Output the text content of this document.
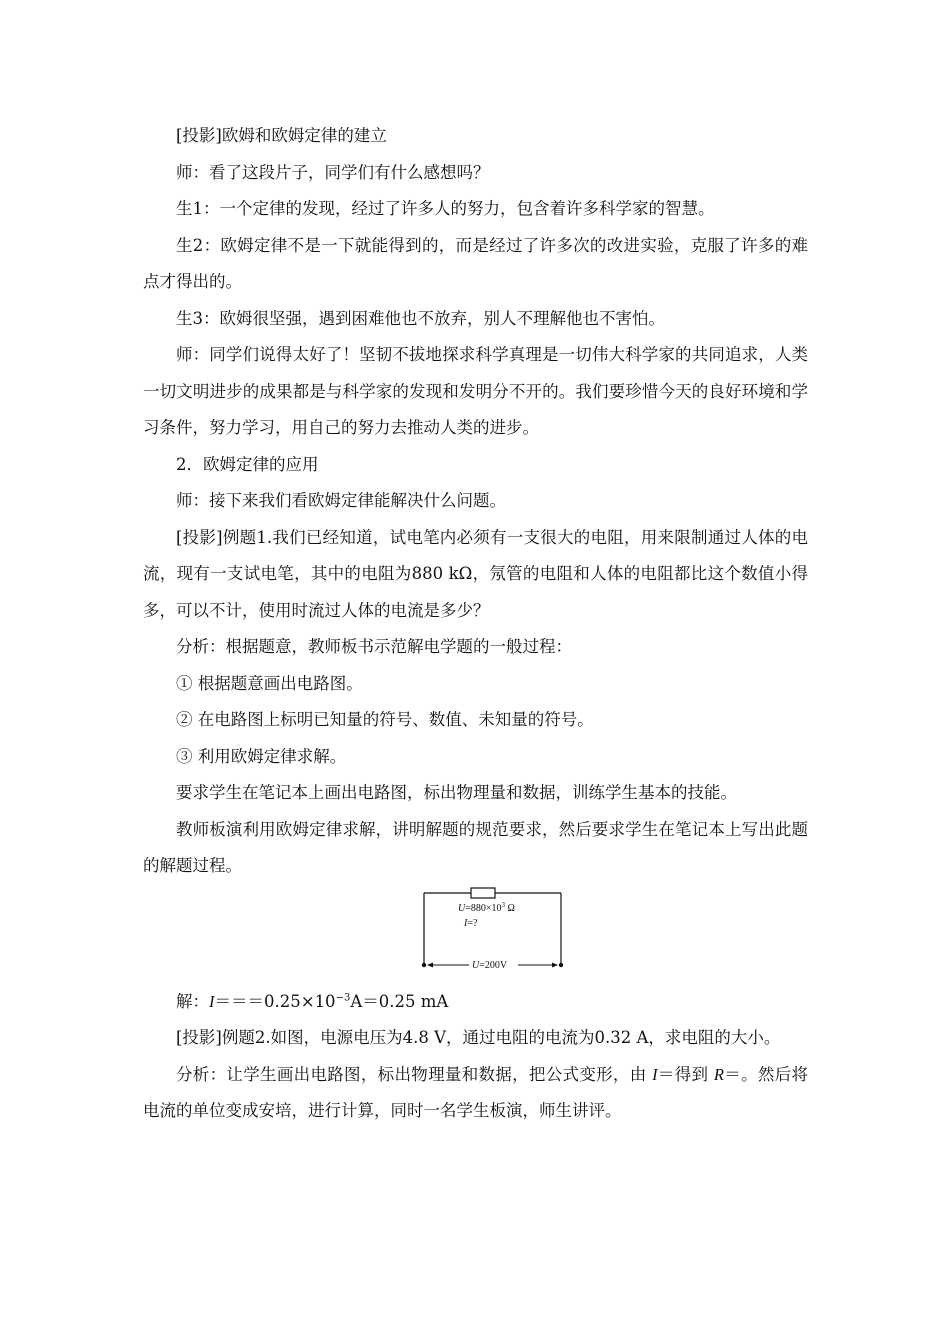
[投影]欧姆和欧姆定律的建立

师：看了这段片子，同学们有什么感想吗？

生1：一个定律的发现，经过了许多人的努力，包含着许多科学家的智慧。

生2：欧姆定律不是一下就能得到的，而是经过了许多次的改进实验，克服了许多的难点才得出的。

生3：欧姆很坚强，遇到困难他也不放弃，别人不理解他也不害怕。

师：同学们说得太好了！坚韧不拔地探求科学真理是一切伟大科学家的共同追求，人类一切文明进步的成果都是与科学家的发现和发明分不开的。我们要珍惜今天的良好环境和学习条件，努力学习，用自己的努力去推动人类的进步。

2．欧姆定律的应用

师：接下来我们看欧姆定律能解决什么问题。

[投影]例题1.我们已经知道，试电笔内必须有一支很大的电阻，用来限制通过人体的电流，现有一支试电笔，其中的电阻为880 kΩ，氖管的电阻和人体的电阻都比这个数值小得多，可以不计，使用时流过人体的电流是多少？

分析：根据题意，教师板书示范解电学题的一般过程：

① 根据题意画出电路图。

② 在电路图上标明已知量的符号、数值、未知量的符号。

③ 利用欧姆定律求解。

要求学生在笔记本上画出电路图，标出物理量和数据，训练学生基本的技能。

教师板演利用欧姆定律求解，讲明解题的规范要求，然后要求学生在笔记本上写出此题的解题过程。

$U=880\times 10^3$ Ω
I=?
U=200V

解：$I===0.25\times 10^{-3}A=0.25$ mA

[投影]例题2.如图，电源电压为4.8 V，通过电阻的电流为0.32 A，求电阻的大小。

分析：让学生画出电路图，标出物理量和数据，把公式变形，由 I＝得到 R＝。然后将电流的单位变成安培，进行计算，同时一名学生板演，师生讲评。
